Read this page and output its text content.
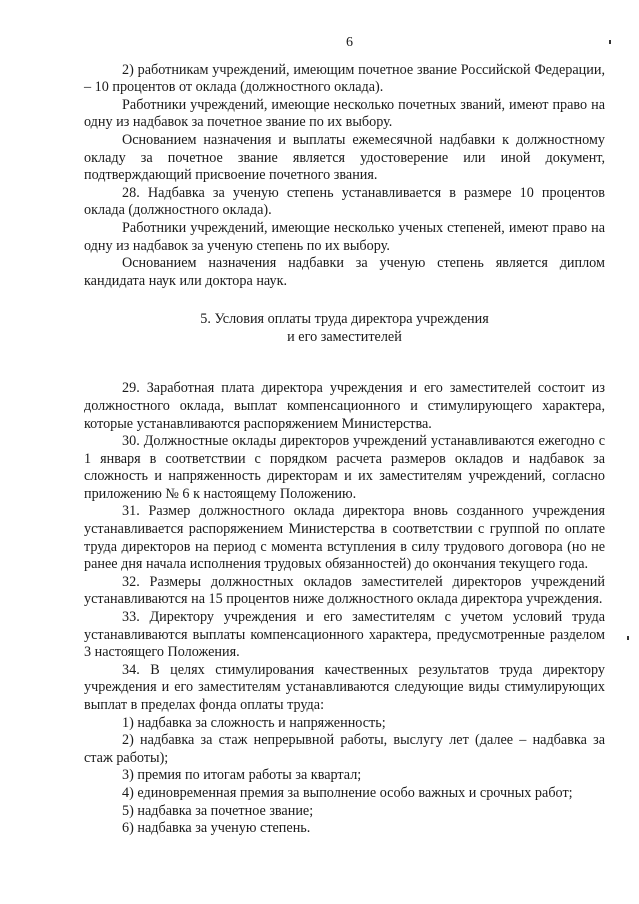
6

2) работникам учреждений, имеющим почетное звание Российской Федерации, – 10 процентов от оклада (должностного оклада).

Работники учреждений, имеющие несколько почетных званий, имеют право на одну из надбавок за почетное звание по их выбору.

Основанием назначения и выплаты ежемесячной надбавки к должностному окладу за почетное звание является удостоверение или иной документ, подтверждающий присвоение почетного звания.

28. Надбавка за ученую степень устанавливается в размере 10 процентов оклада (должностного оклада).

Работники учреждений, имеющие несколько ученых степеней, имеют право на одну из надбавок за ученую степень по их выбору.

Основанием назначения надбавки за ученую степень является диплом кандидата наук или доктора наук.

5. Условия оплаты труда директора учреждения
и его заместителей

29. Заработная плата директора учреждения и его заместителей состоит из должностного оклада, выплат компенсационного и стимулирующего характера, которые устанавливаются распоряжением Министерства.

30. Должностные оклады директоров учреждений устанавливаются ежегодно с 1 января в соответствии с порядком расчета размеров окладов и надбавок за сложность и напряженность директорам и их заместителям учреждений, согласно приложению № 6 к настоящему Положению.

31. Размер должностного оклада директора вновь созданного учреждения устанавливается распоряжением Министерства в соответствии с группой по оплате труда директоров на период с момента вступления в силу трудового договора (но не ранее дня начала исполнения трудовых обязанностей) до окончания текущего года.

32. Размеры должностных окладов заместителей директоров учреждений устанавливаются на 15 процентов ниже должностного оклада директора учреждения.

33. Директору учреждения и его заместителям с учетом условий труда устанавливаются выплаты компенсационного характера, предусмотренные разделом 3 настоящего Положения.

34. В целях стимулирования качественных результатов труда директору учреждения и его заместителям устанавливаются следующие виды стимулирующих выплат в пределах фонда оплаты труда:

1) надбавка за сложность и напряженность;

2) надбавка за стаж непрерывной работы, выслугу лет (далее – надбавка за стаж работы);

3) премия по итогам работы за квартал;

4) единовременная премия за выполнение особо важных и срочных работ;

5) надбавка за почетное звание;

6) надбавка за ученую степень.
